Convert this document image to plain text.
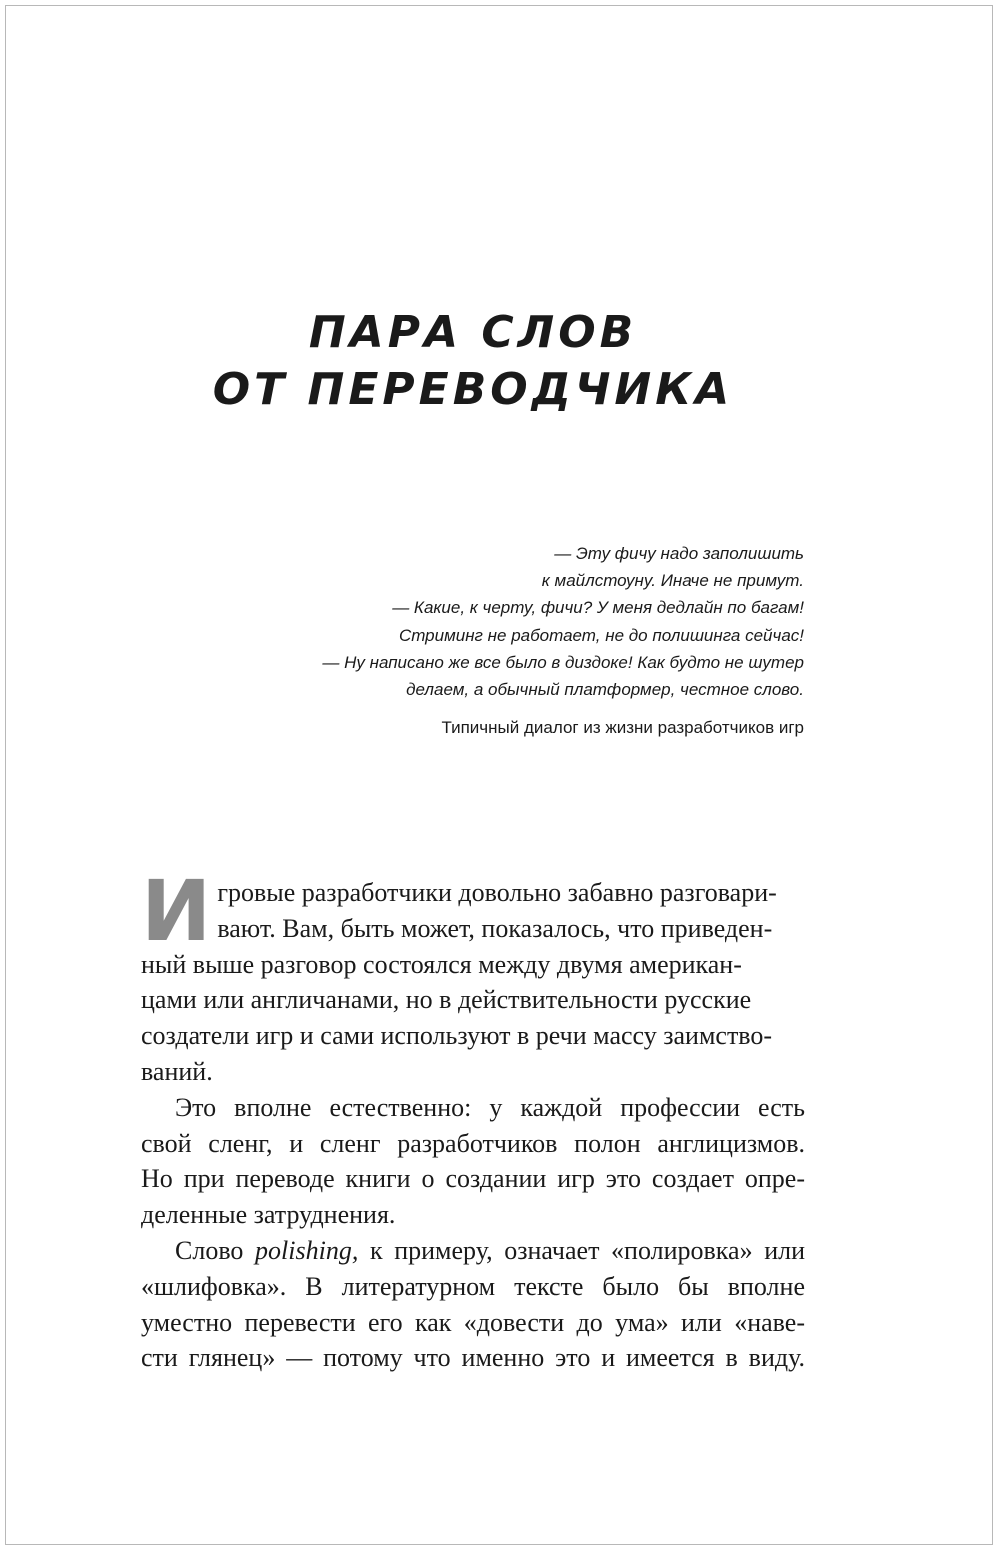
ПАРА СЛОВ
ОТ ПЕРЕВОДЧИКА
— Эту фичу надо заполишить
к майлстоуну. Иначе не примут.
— Какие, к черту, фичи? У меня дедлайн по багам!
Стриминг не работает, не до полишинга сейчас!
— Ну написано же все было в диздоке! Как будто не шутер
делаем, а обычный платформер, честное слово.
Типичный диалог из жизни разработчиков игр

И гровые разработчики довольно забавно разговари-
вают. Вам, быть может, показалось, что приведен-
ный выше разговор состоялся между двумя американ-
цами или англичанами, но в действительности русские
создатели игр и сами используют в речи массу заимство-
ваний.

Это вполне естественно: у каждой профессии есть
свой сленг, и сленг разработчиков полон англицизмов.
Но при переводе книги о создании игр это создает опре-
деленные затруднения.

Слово polishing, к примеру, означает «полировка» или
«шлифовка». В литературном тексте было бы вполне
уместно перевести его как «довести до ума» или «наве-
сти глянец» — потому что именно это и имеется в виду.
